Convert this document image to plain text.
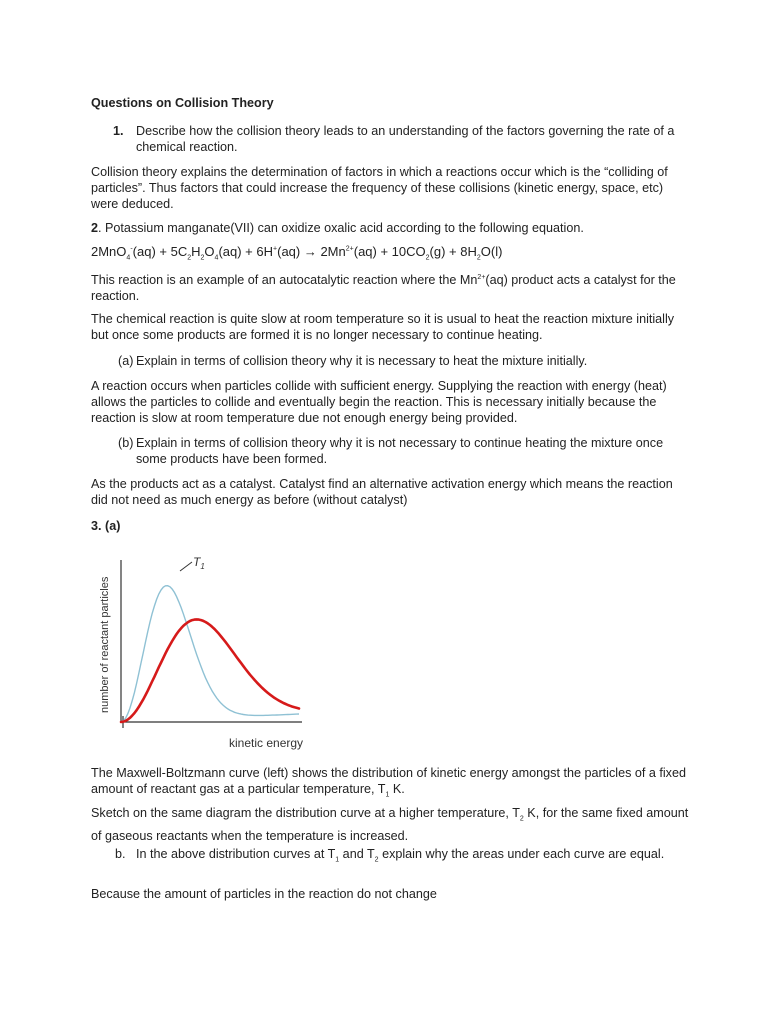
Questions on Collision Theory
1. Describe how the collision theory leads to an understanding of the factors governing the rate of a chemical reaction.
Collision theory explains the determination of factors in which a reactions occur which is the “colliding of particles”. Thus factors that could increase the frequency of these collisions (kinetic energy, space, etc) were deduced.
2. Potassium manganate(VII) can oxidize oxalic acid according to the following equation.
$2MnO_4^-(aq) + 5C_2H_2O_4(aq) + 6H^+(aq) \to 2Mn^{2+}(aq) + 10CO_2(g) + 8H_2O(l)$
This reaction is an example of an autocatalytic reaction where the $Mn^{2+}(aq)$ product acts a catalyst for the reaction.
The chemical reaction is quite slow at room temperature so it is usual to heat the reaction mixture initially but once some products are formed it is no longer necessary to continue heating.
(a) Explain in terms of collision theory why it is necessary to heat the mixture initially.
A reaction occurs when particles collide with sufficient energy. Supplying the reaction with energy (heat) allows the particles to collide and eventually begin the reaction. This is necessary initially because the reaction is slow at room temperature due not enough energy being provided.
(b) Explain in terms of collision theory why it is not necessary to continue heating the mixture once some products have been formed.
As the products act as a catalyst. Catalyst find an alternative activation energy which means the reaction did not need as much energy as before (without catalyst)
3. (a)
number of reactant particles
$T_1$
kinetic energy
The Maxwell-Boltzmann curve (left) shows the distribution of kinetic energy amongst the particles of a fixed amount of reactant gas at a particular temperature, $T_1$ K.
Sketch on the same diagram the distribution curve at a higher temperature, $T_2$ K, for the same fixed amount of gaseous reactants when the temperature is increased.
b. In the above distribution curves at $T_1$ and $T_2$ explain why the areas under each curve are equal.
Because the amount of particles in the reaction do not change
